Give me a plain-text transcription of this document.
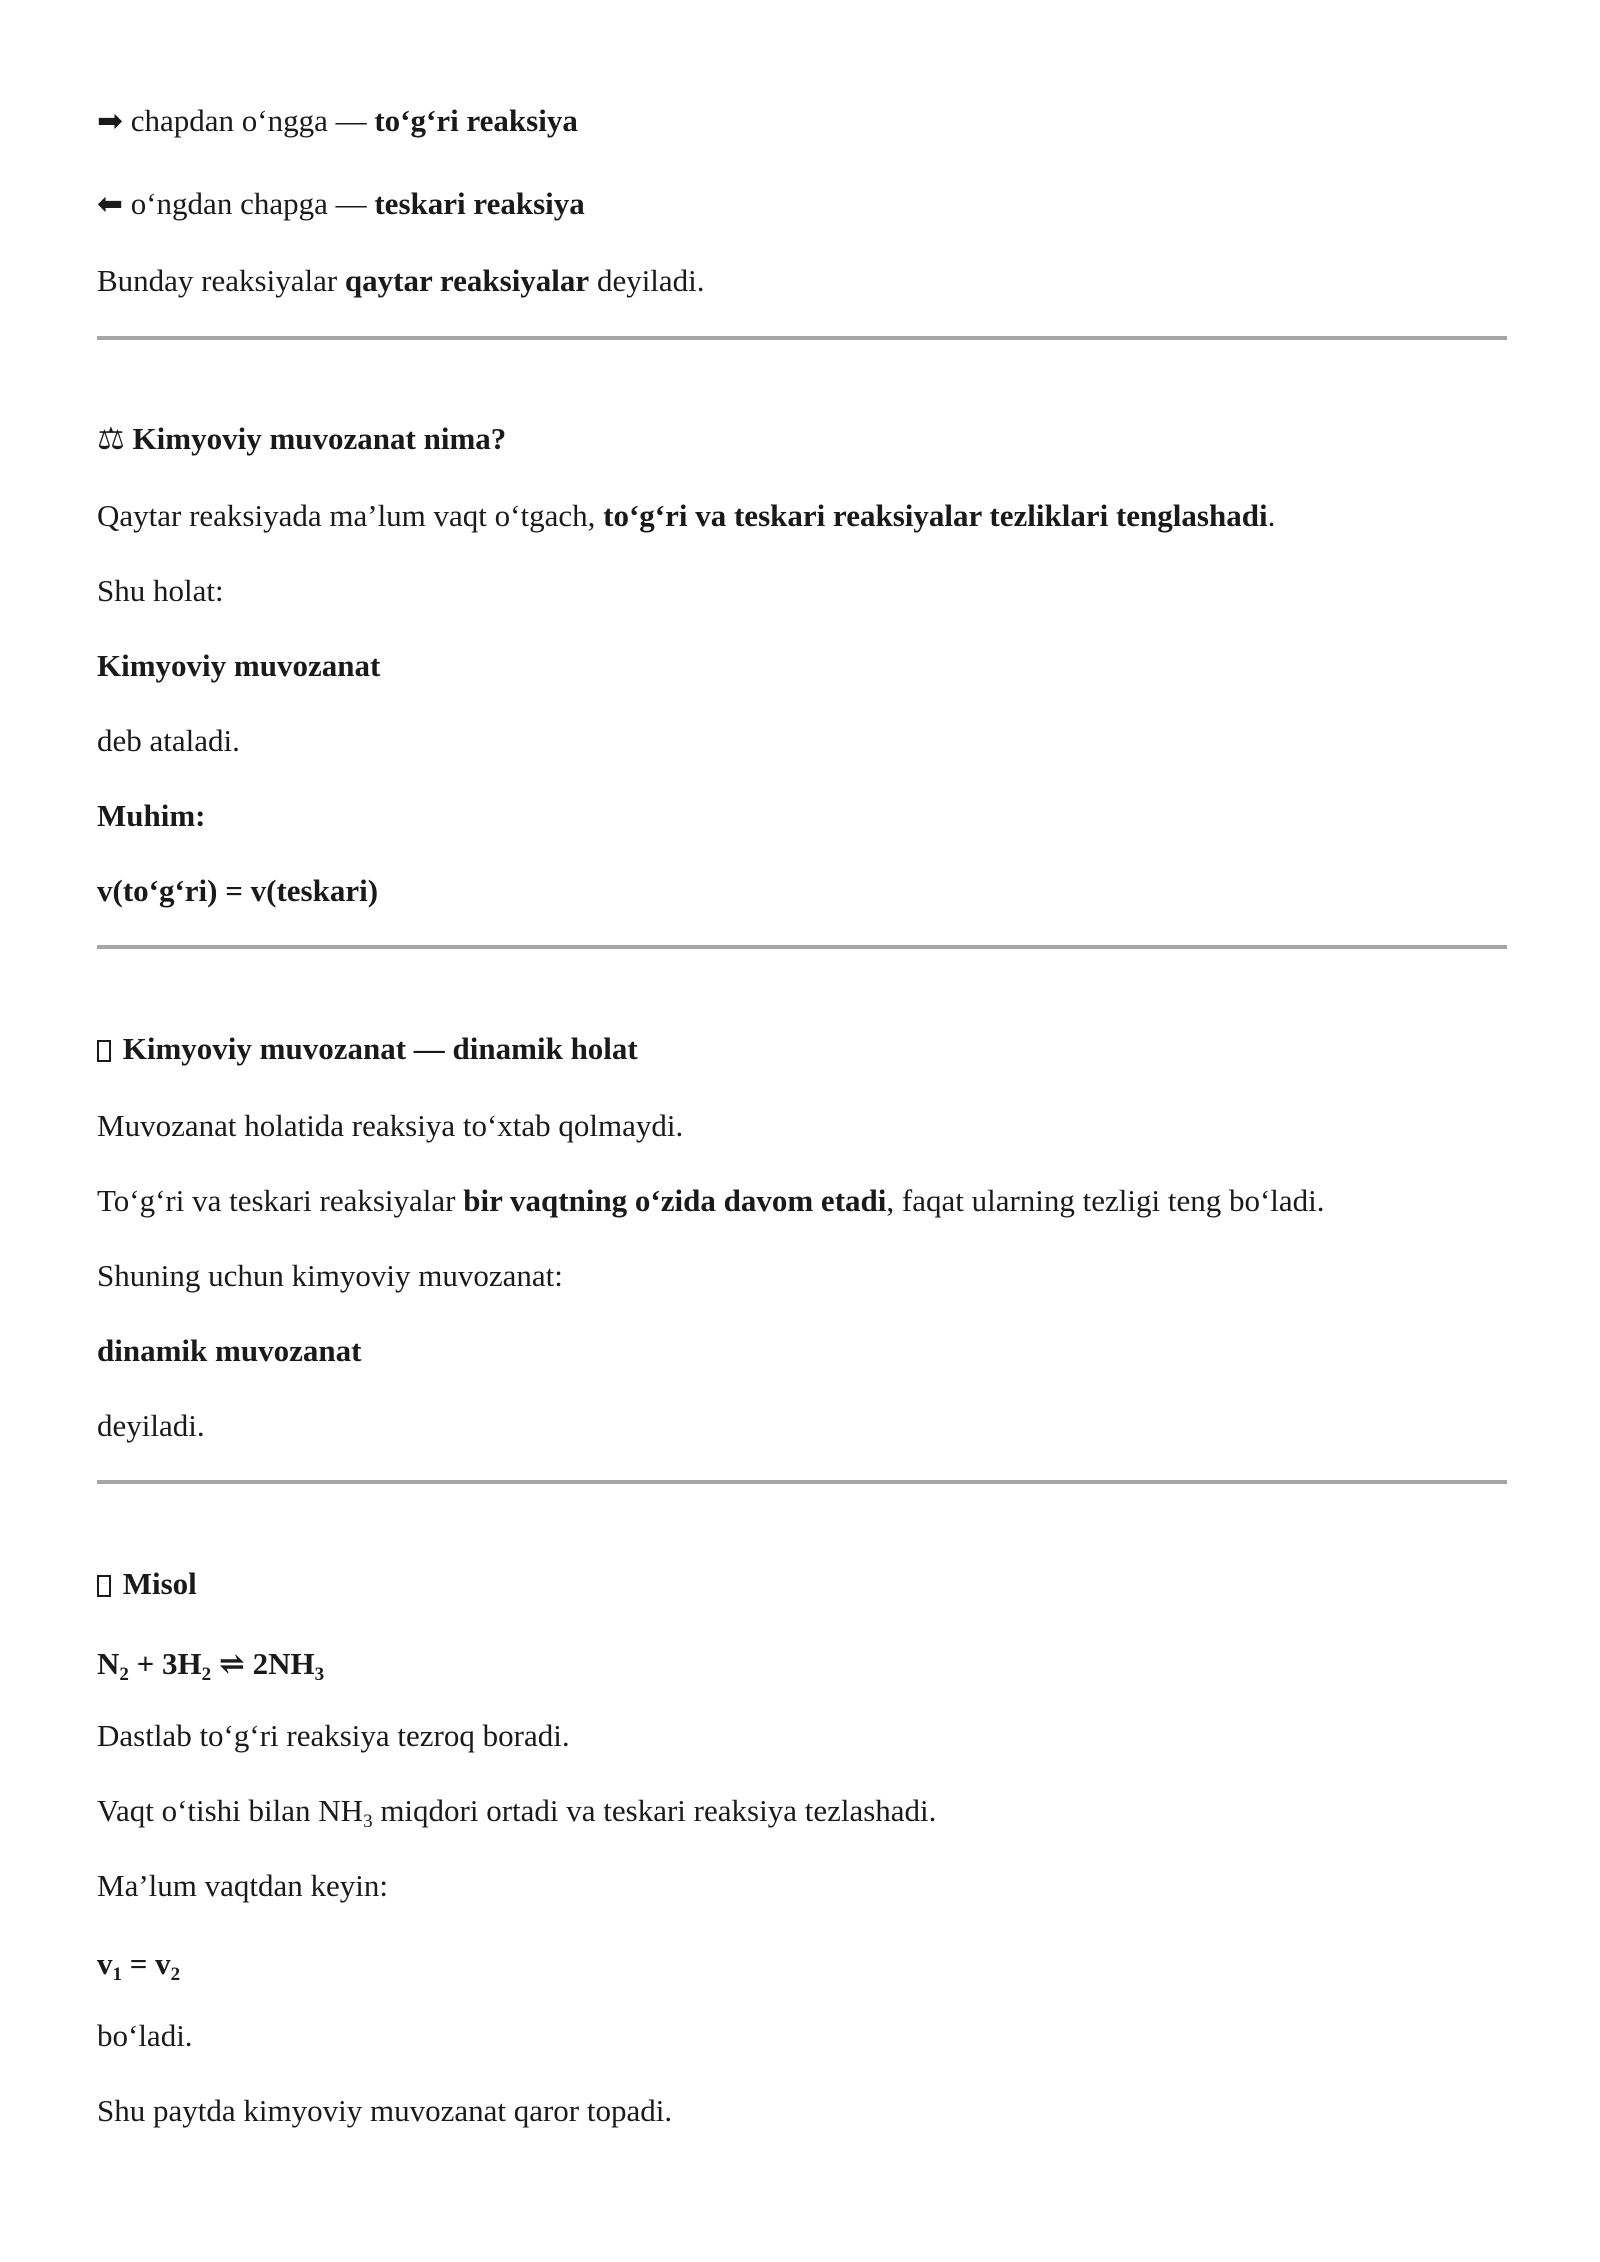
➡ chapdan o‘ngga — to‘g‘ri reaksiya
⬅ o‘ngdan chapga — teskari reaksiya
Bunday reaksiyalar qaytar reaksiyalar deyiladi.
⚖ Kimyoviy muvozanat nima?
Qaytar reaksiyada ma’lum vaqt o‘tgach, to‘g‘ri va teskari reaksiyalar tezliklari tenglashadi.
Shu holat:
Kimyoviy muvozanat
deb ataladi.
Muhim:
v(to‘g‘ri) = v(teskari)
Kimyoviy muvozanat — dinamik holat
Muvozanat holatida reaksiya to‘xtab qolmaydi.
To‘g‘ri va teskari reaksiyalar bir vaqtning o‘zida davom etadi, faqat ularning tezligi teng bo‘ladi.
Shuning uchun kimyoviy muvozanat:
dinamik muvozanat
deyiladi.
Misol
$N_2 + 3H_2$ ⇌ $2NH_3$
Dastlab to‘g‘ri reaksiya tezroq boradi.
Vaqt o‘tishi bilan $NH_3$ miqdori ortadi va teskari reaksiya tezlashadi.
Ma’lum vaqtdan keyin:
$v_1 = v_2$
bo‘ladi.
Shu paytda kimyoviy muvozanat qaror topadi.
